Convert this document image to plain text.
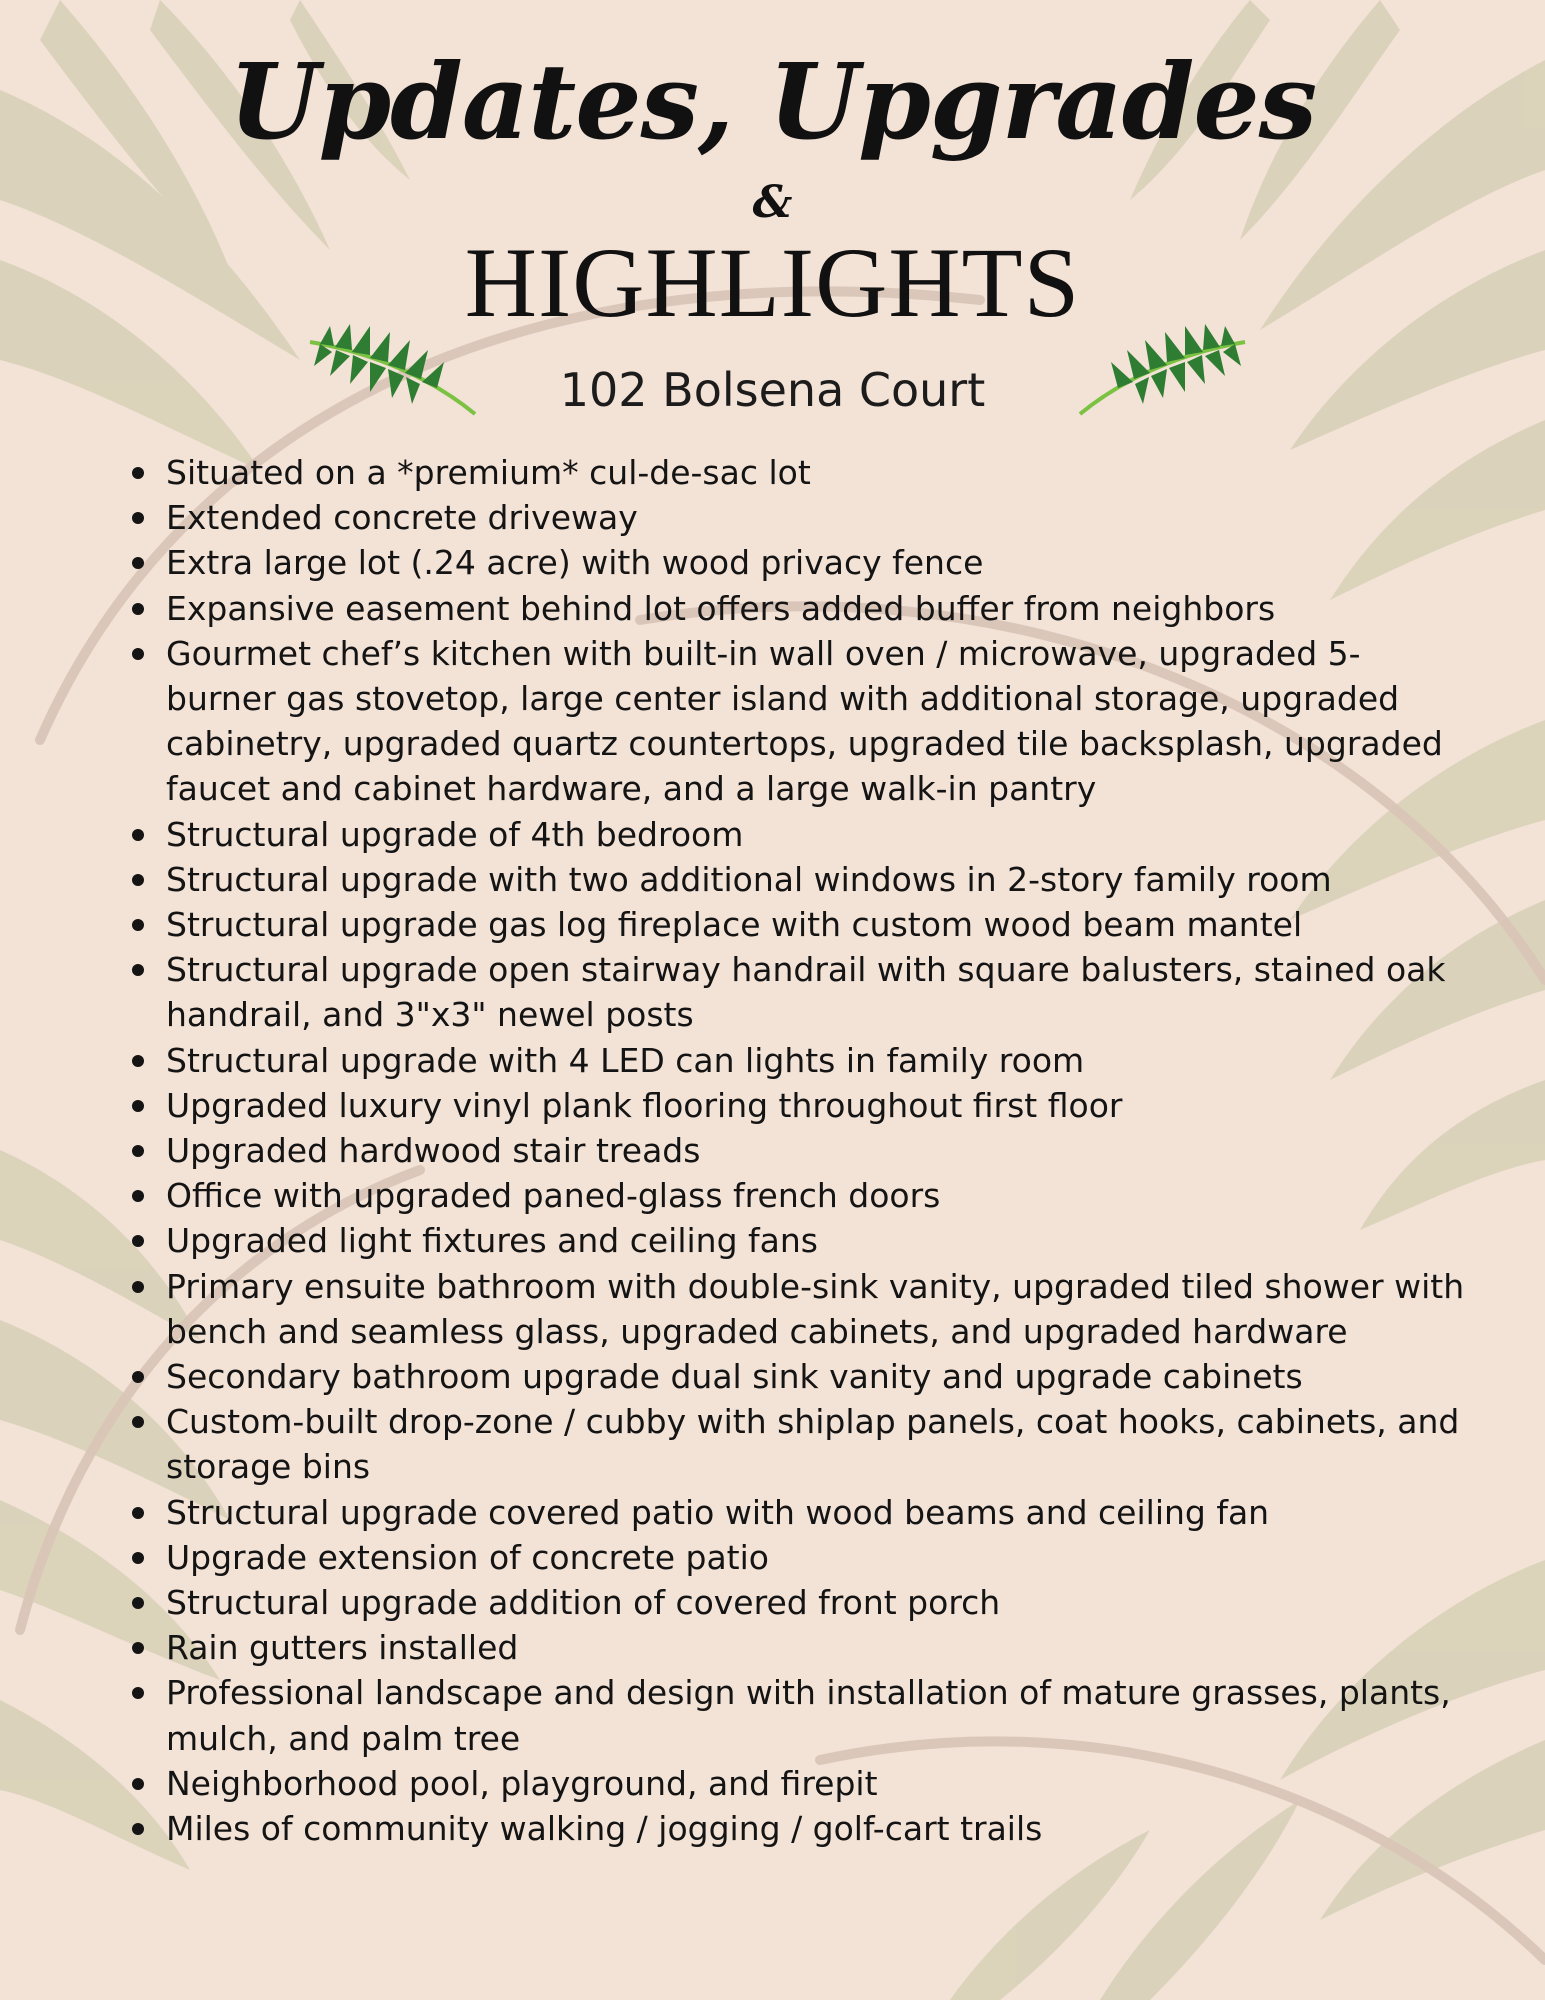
Updates, Upgrades
&
HIGHLIGHTS
102 Bolsena Court
Situated on a *premium* cul-de-sac lot
Extended concrete driveway
Extra large lot (.24 acre) with wood privacy fence
Expansive easement behind lot offers added buffer from neighbors
Gourmet chef’s kitchen with built-in wall oven / microwave, upgraded 5-burner gas stovetop, large center island with additional storage, upgraded cabinetry, upgraded quartz countertops, upgraded tile backsplash, upgraded faucet and cabinet hardware, and a large walk-in pantry
Structural upgrade of 4th bedroom
Structural upgrade with two additional windows in 2-story family room
Structural upgrade gas log fireplace with custom wood beam mantel
Structural upgrade open stairway handrail with square balusters, stained oak handrail, and 3"x3" newel posts
Structural upgrade with 4 LED can lights in family room
Upgraded luxury vinyl plank flooring throughout first floor
Upgraded hardwood stair treads
Office with upgraded paned-glass french doors
Upgraded light fixtures and ceiling fans
Primary ensuite bathroom with double-sink vanity, upgraded tiled shower with bench and seamless glass, upgraded cabinets, and upgraded hardware
Secondary bathroom upgrade dual sink vanity and upgrade cabinets
Custom-built drop-zone / cubby with shiplap panels, coat hooks, cabinets, and storage bins
Structural upgrade covered patio with wood beams and ceiling fan
Upgrade extension of concrete patio
Structural upgrade addition of covered front porch
Rain gutters installed
Professional landscape and design with installation of mature grasses, plants, mulch, and palm tree
Neighborhood pool, playground, and firepit
Miles of community walking / jogging / golf-cart trails
